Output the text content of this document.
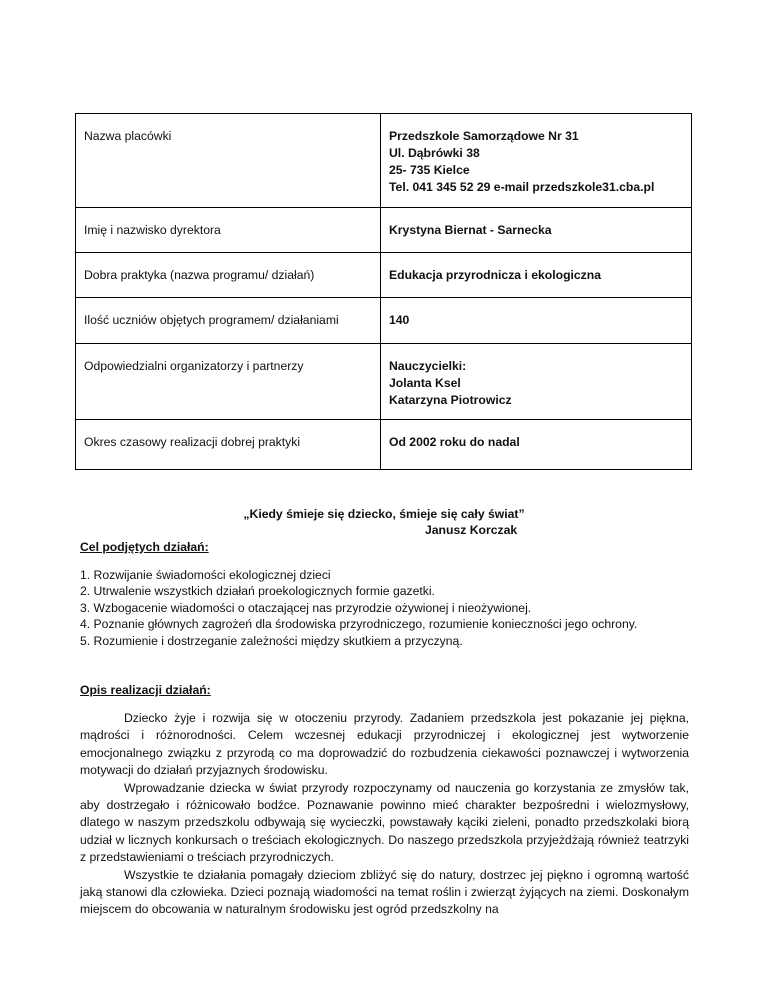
Nazwa placówki	Przedszkole Samorządowe Nr 31
Ul. Dąbrówki 38
25- 735 Kielce
Tel. 041 345 52 29 e-mail przedszkole31.cba.pl

Imię i nazwisko dyrektora	Krystyna Biernat - Sarnecka

Dobra praktyka (nazwa programu/ działań)	Edukacja przyrodnicza i ekologiczna

Ilość uczniów objętych programem/ działaniami	140

Odpowiedzialni organizatorzy i partnerzy	Nauczycielki:
Jolanta Ksel
Katarzyna Piotrowicz

Okres czasowy realizacji dobrej praktyki	Od 2002 roku do nadal
„Kiedy śmieje się dziecko, śmieje się cały świat”
Janusz Korczak
Cel podjętych działań:
1. Rozwijanie świadomości ekologicznej dzieci
2. Utrwalenie wszystkich działań proekologicznych formie gazetki.
3. Wzbogacenie wiadomości o otaczającej nas przyrodzie ożywionej i nieożywionej.
4. Poznanie głównych zagrożeń dla środowiska przyrodniczego, rozumienie konieczności jego ochrony.
5. Rozumienie i dostrzeganie zależności między skutkiem a przyczyną.
Opis realizacji działań:

Dziecko żyje i rozwija się w otoczeniu przyrody. Zadaniem przedszkola jest pokazanie jej piękna, mądrości i różnorodności. Celem wczesnej edukacji przyrodniczej i ekologicznej jest wytworzenie emocjonalnego związku z przyrodą co ma doprowadzić do rozbudzenia ciekawości poznawczej i wytworzenia motywacji do działań przyjaznych środowisku.

Wprowadzanie dziecka w świat przyrody rozpoczynamy od nauczenia go korzystania ze zmysłów tak, aby dostrzegało i różnicowało bodźce. Poznawanie powinno mieć charakter bezpośredni i wielozmysłowy, dlatego w naszym przedszkolu odbywają się wycieczki, powstawały kąciki zieleni, ponadto przedszkolaki biorą udział w licznych konkursach o treściach ekologicznych. Do naszego przedszkola przyjeżdżają również teatrzyki z przedstawieniami o treściach przyrodniczych.

Wszystkie te działania pomagały dzieciom zbliżyć się do natury, dostrzec jej piękno i ogromną wartość jaką stanowi dla człowieka. Dzieci poznają wiadomości na temat roślin i zwierząt żyjących na ziemi. Doskonałym miejscem do obcowania w naturalnym środowisku jest ogród przedszkolny na
